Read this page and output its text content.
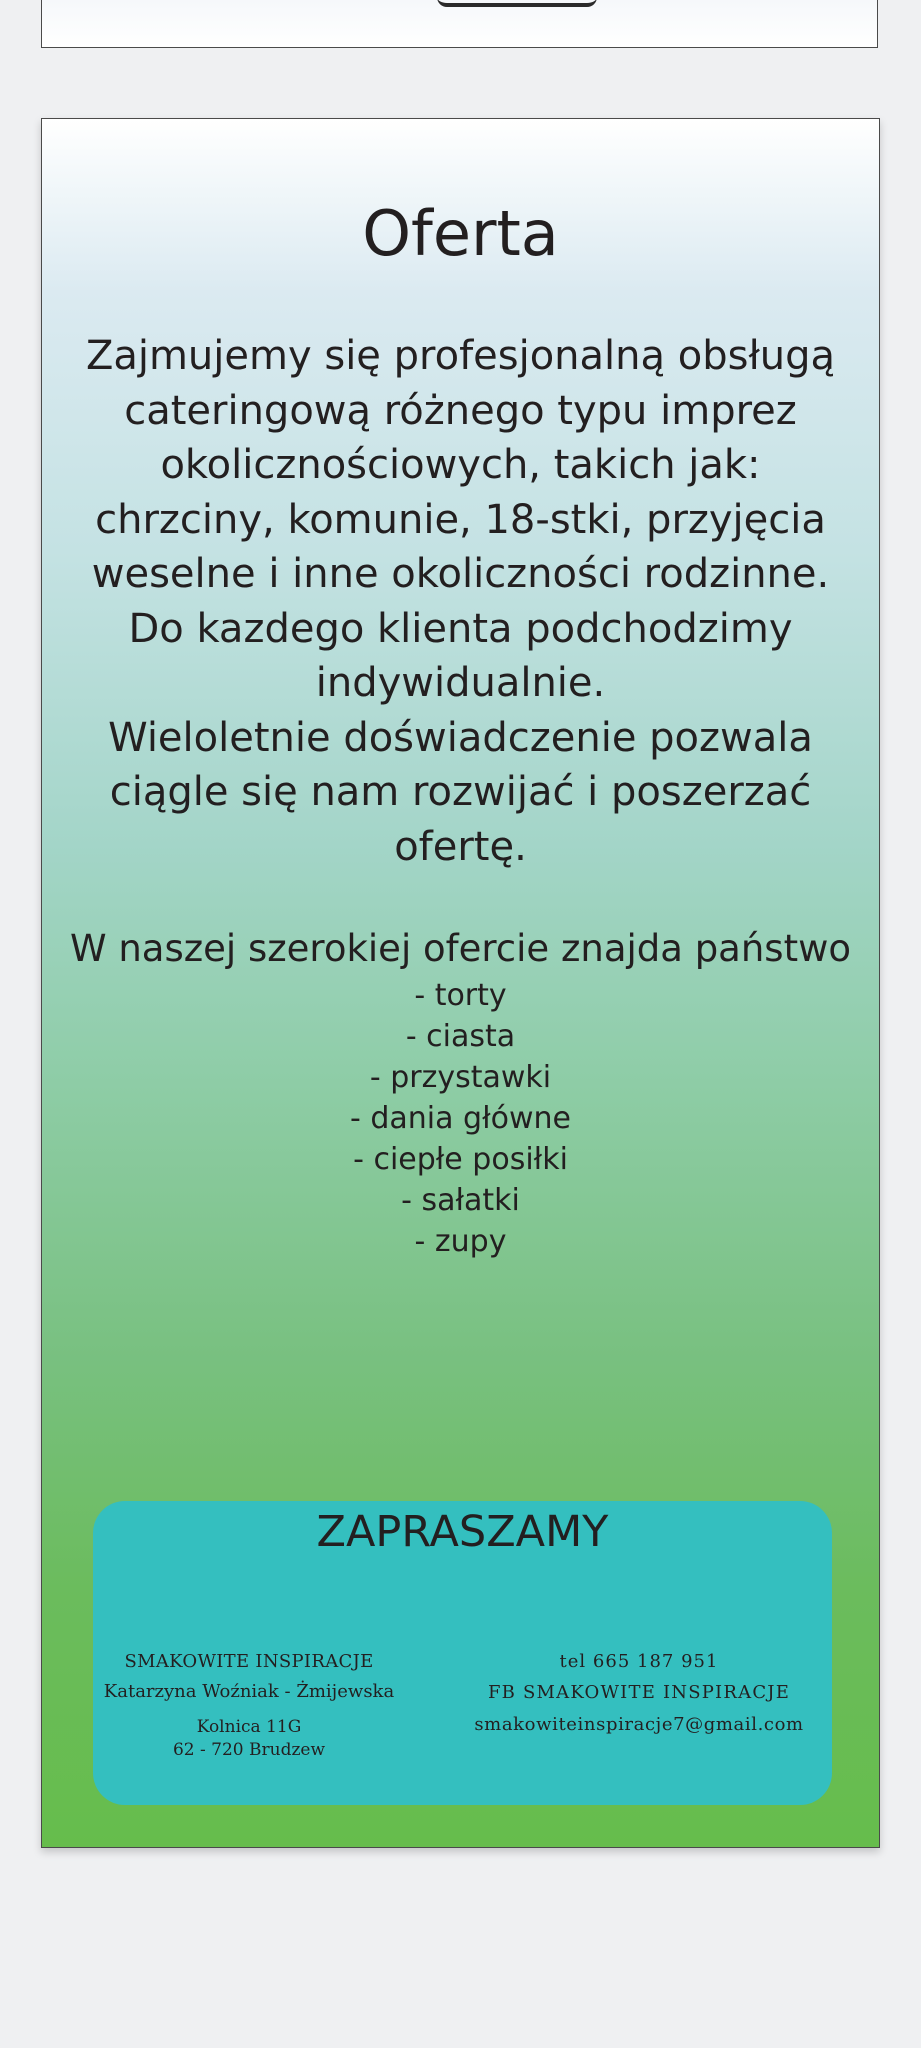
Oferta

Zajmujemy się profesjonalną obsługą cateringową różnego typu imprez okolicznościowych, takich jak: chrzciny, komunie, 18-stki, przyjęcia weselne i inne okoliczności rodzinne.

Do kazdego klienta podchodzimy indywidualnie.

Wieloletnie doświadczenie pozwala ciągle się nam rozwijać i poszerzać ofertę.

W naszej szerokiej ofercie znajda państwo
- torty
- ciasta
- przystawki
- dania główne
- ciepłe posiłki
- sałatki
- zupy
ZAPRASZAMY
SMAKOWITE INSPIRACJE
Katarzyna Woźniak - Żmijewska
Kolnica 11G
62 - 720 Brudzew
tel 665 187 951
FB SMAKOWITE INSPIRACJE
smakowiteinspiracje7@gmail.com
